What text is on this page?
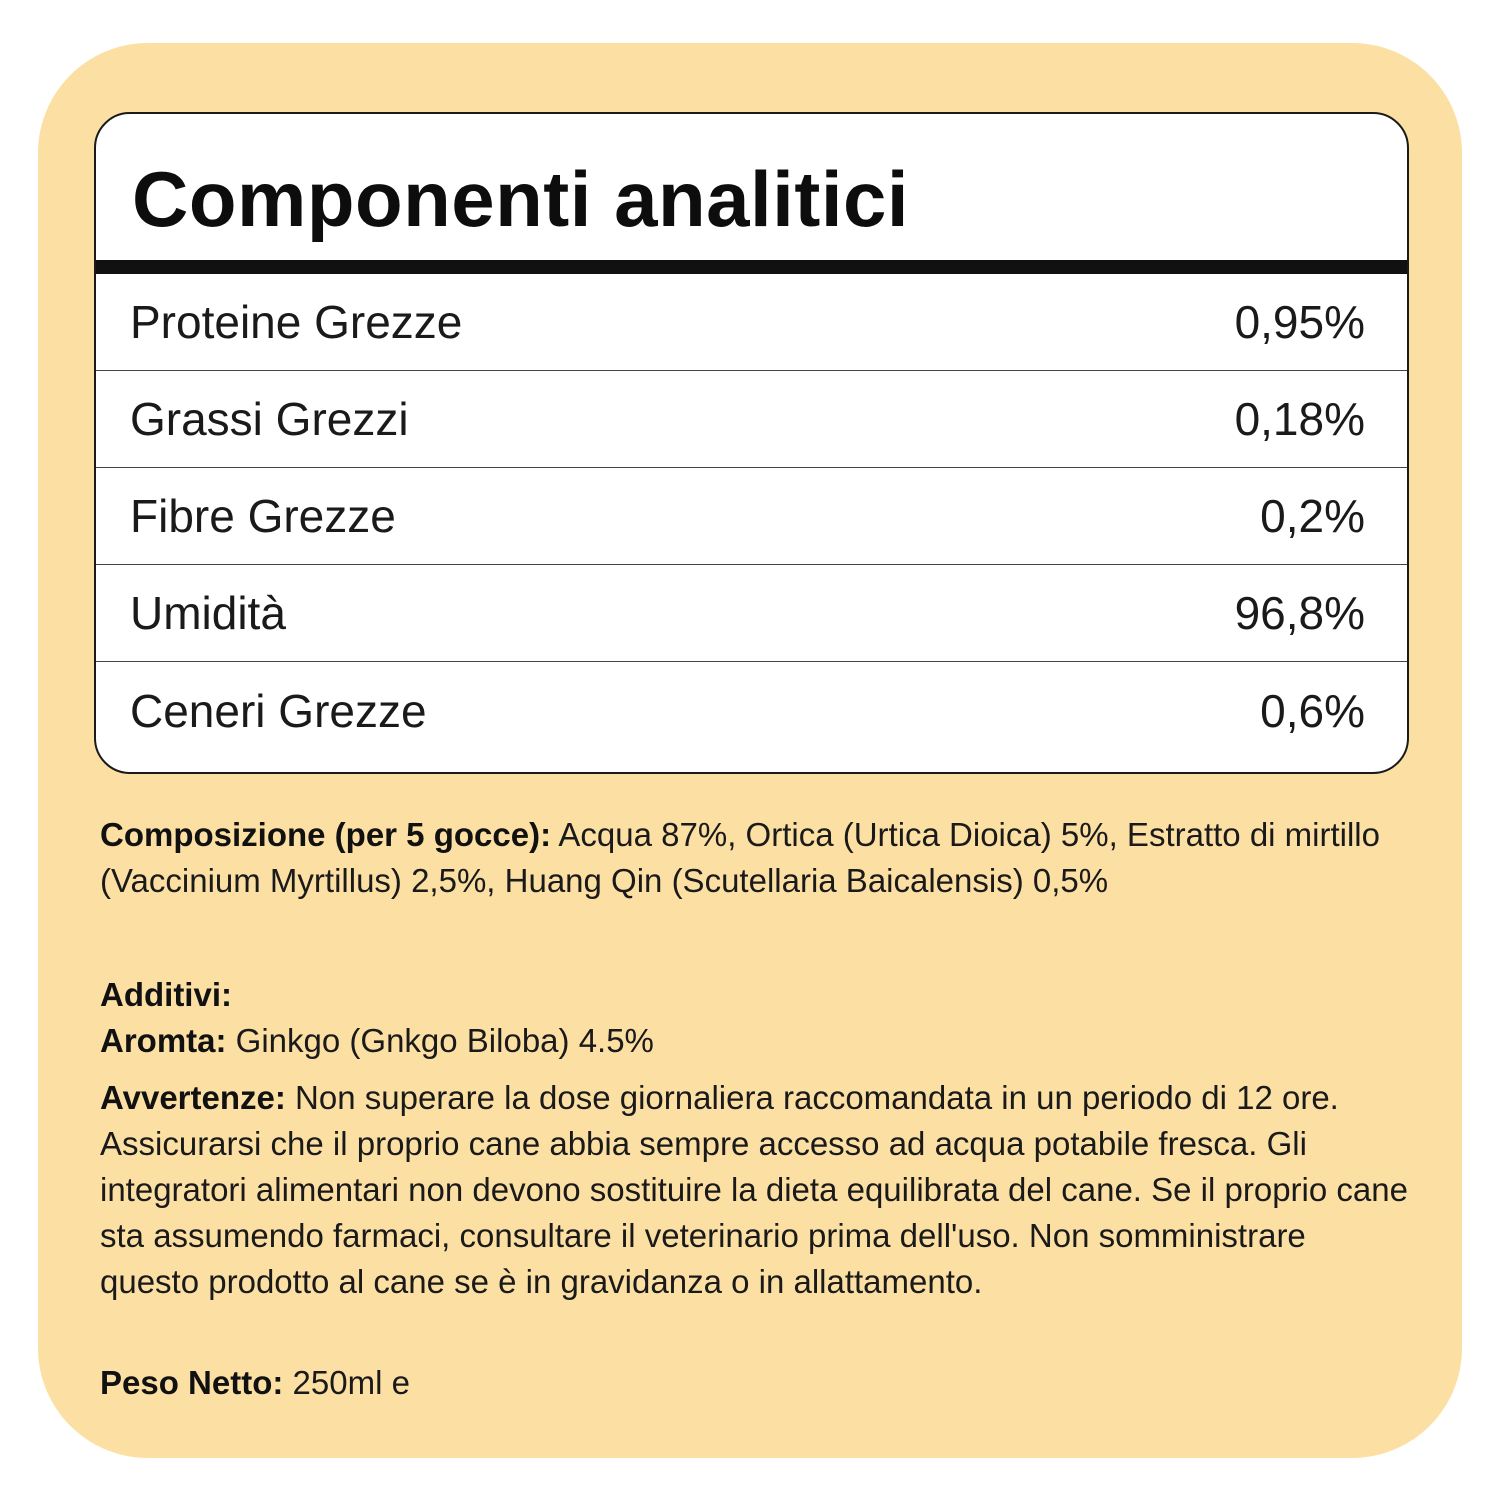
Componenti analitici
Proteine Grezze	0,95%
Grassi Grezzi	0,18%
Fibre Grezze	0,2%
Umidità	96,8%
Ceneri Grezze	0,6%

Composizione (per 5 gocce): Acqua 87%, Ortica (Urtica Dioica) 5%, Estratto di mirtillo (Vaccinium Myrtillus) 2,5%, Huang Qin (Scutellaria Baicalensis) 0,5%

Additivi:
Aromta: Ginkgo (Gnkgo Biloba) 4.5%

Avvertenze: Non superare la dose giornaliera raccomandata in un periodo di 12 ore. Assicurarsi che il proprio cane abbia sempre accesso ad acqua potabile fresca. Gli integratori alimentari non devono sostituire la dieta equilibrata del cane. Se il proprio cane sta assumendo farmaci, consultare il veterinario prima dell'uso. Non somministrare questo prodotto al cane se è in gravidanza o in allattamento.

Peso Netto: 250ml e
